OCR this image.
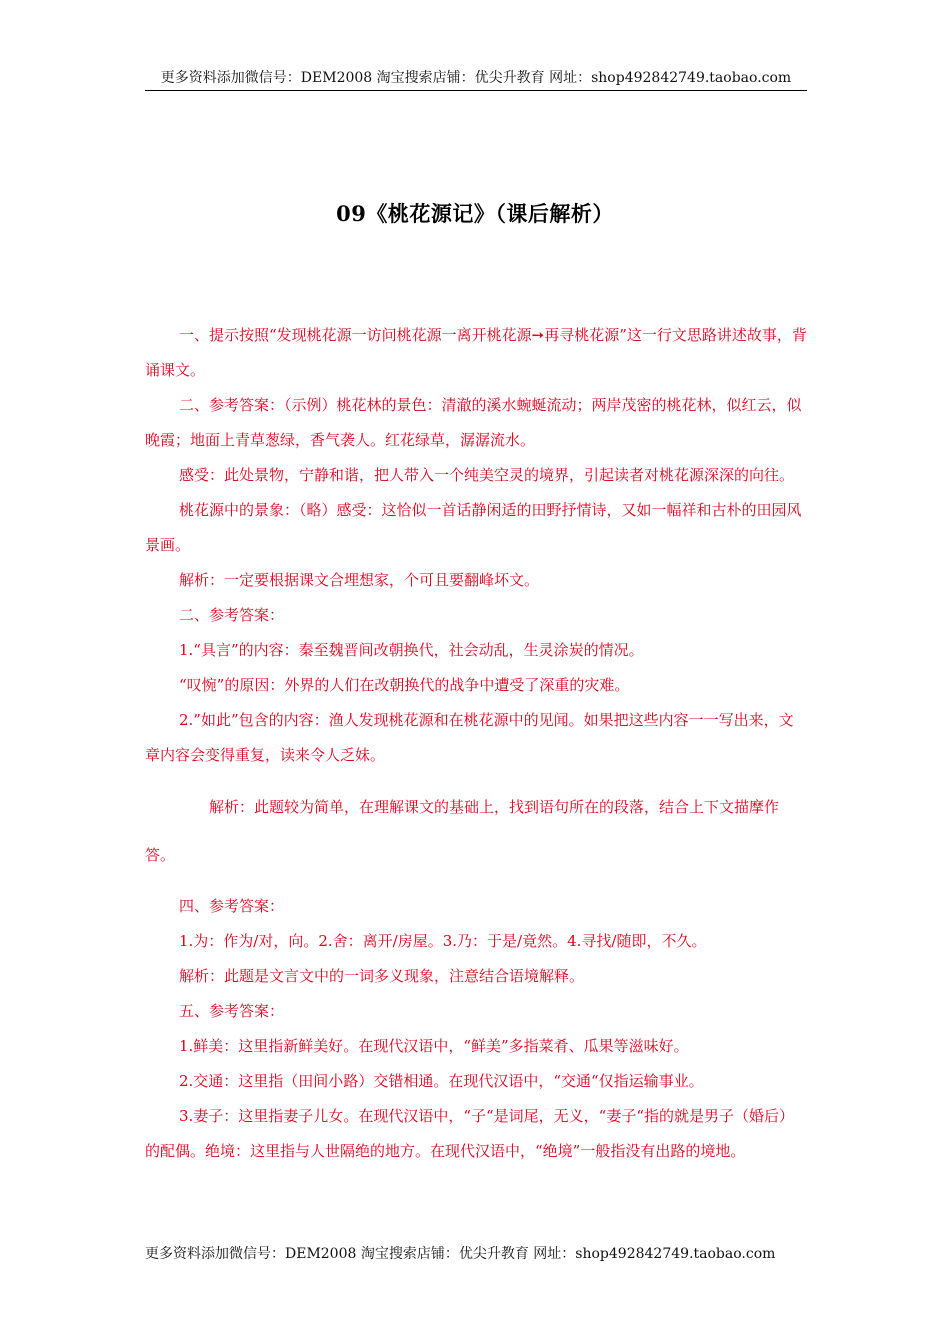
更多资料添加微信号：DEM2008 淘宝搜索店铺：优尖升教育 网址：shop492842749.taobao.com
09《桃花源记》（课后解析）

一、提示按照“发现桃花源一访问桃花源一离开桃花源➙再寻桃花源”这一行文思路讲述故事，背诵课文。

二、参考答案：（示例）桃花林的景色：清澈的溪水蜿蜒流动；两岸茂密的桃花林，似红云，似晚霞；地面上青草葱绿，香气袭人。红花绿草，潺潺流水。

感受：此处景物，宁静和谐，把人带入一个纯美空灵的境界，引起读者对桃花源深深的向往。

桃花源中的景象：（略）感受：这恰似一首话静闲适的田野抒情诗，又如一幅祥和古朴的田园风景画。

解析：一定要根据课文合埋想家，个可且要翻峰坏文。

二、参考答案：

1.“具言”的内容：秦至魏晋间改朝换代，社会动乱，生灵涂炭的情况。

“叹惋”的原因：外界的人们在改朝换代的战争中遭受了深重的灾难。

2.”如此”包含的内容：渔人发现桃花源和在桃花源中的见闻。如果把这些内容一一写出来，文章内容会变得重复，读来令人乏妹。

解析：此题较为简单，在理解课文的基础上，找到语句所在的段落，结合上下文描摩作答。

四、参考答案：

1.为：作为/对，向。2.舍：离开/房屋。3.乃：于是/竟然。4.寻找/随即，不久。

解析：此题是文言文中的一词多义现象，注意结合语境解释。

五、参考答案：

1.鲜美：这里指新鲜美好。在现代汉语中，“鲜美”多指菜肴、瓜果等滋味好。

2.交通：这里指（田间小路）交错相通。在现代汉语中，“交通“仅指运输事业。

3.妻子：这里指妻子儿女。在现代汉语中，“子“是词尾，无义，“妻子“指的就是男子（婚后）的配偶。绝境：这里指与人世隔绝的地方。在现代汉语中，“绝境”一般指没有出路的境地。

更多资料添加微信号：DEM2008 淘宝搜索店铺：优尖升教育 网址：shop492842749.taobao.com
